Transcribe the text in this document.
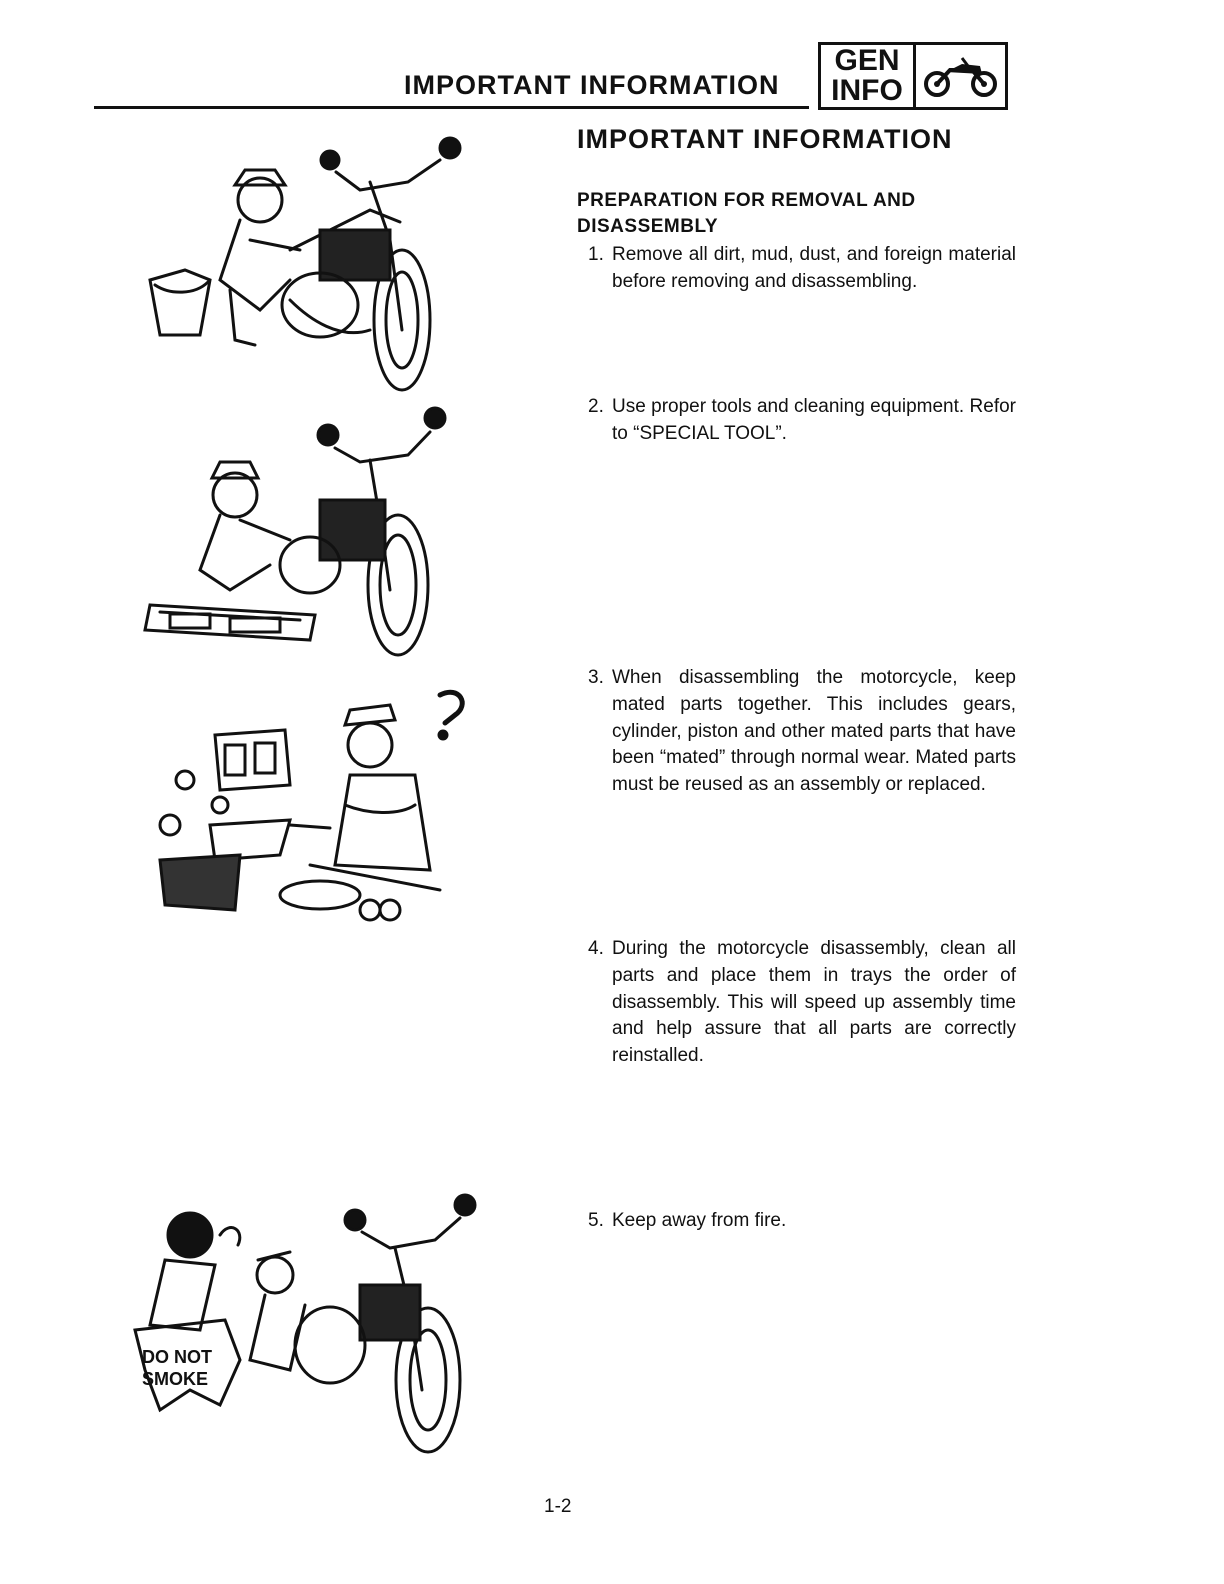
IMPORTANT INFORMATION
GEN
INFO
IMPORTANT INFORMATION
PREPARATION FOR REMOVAL AND DISASSEMBLY
1. Remove all dirt, mud, dust, and foreign material before removing and disassembling.
2. Use proper tools and cleaning equipment. Refor to “SPECIAL TOOL”.
3. When disassembling the motorcycle, keep mated parts together. This includes gears, cylinder, piston and other mated parts that have been “mated” through normal wear. Mated parts must be reused as an assembly or replaced.
4. During the motorcycle disassembly, clean all parts and place them in trays the order of disassembly. This will speed up assembly time and help assure that all parts are correctly reinstalled.
5. Keep away from fire.
DO NOT
SMOKE
1-2
